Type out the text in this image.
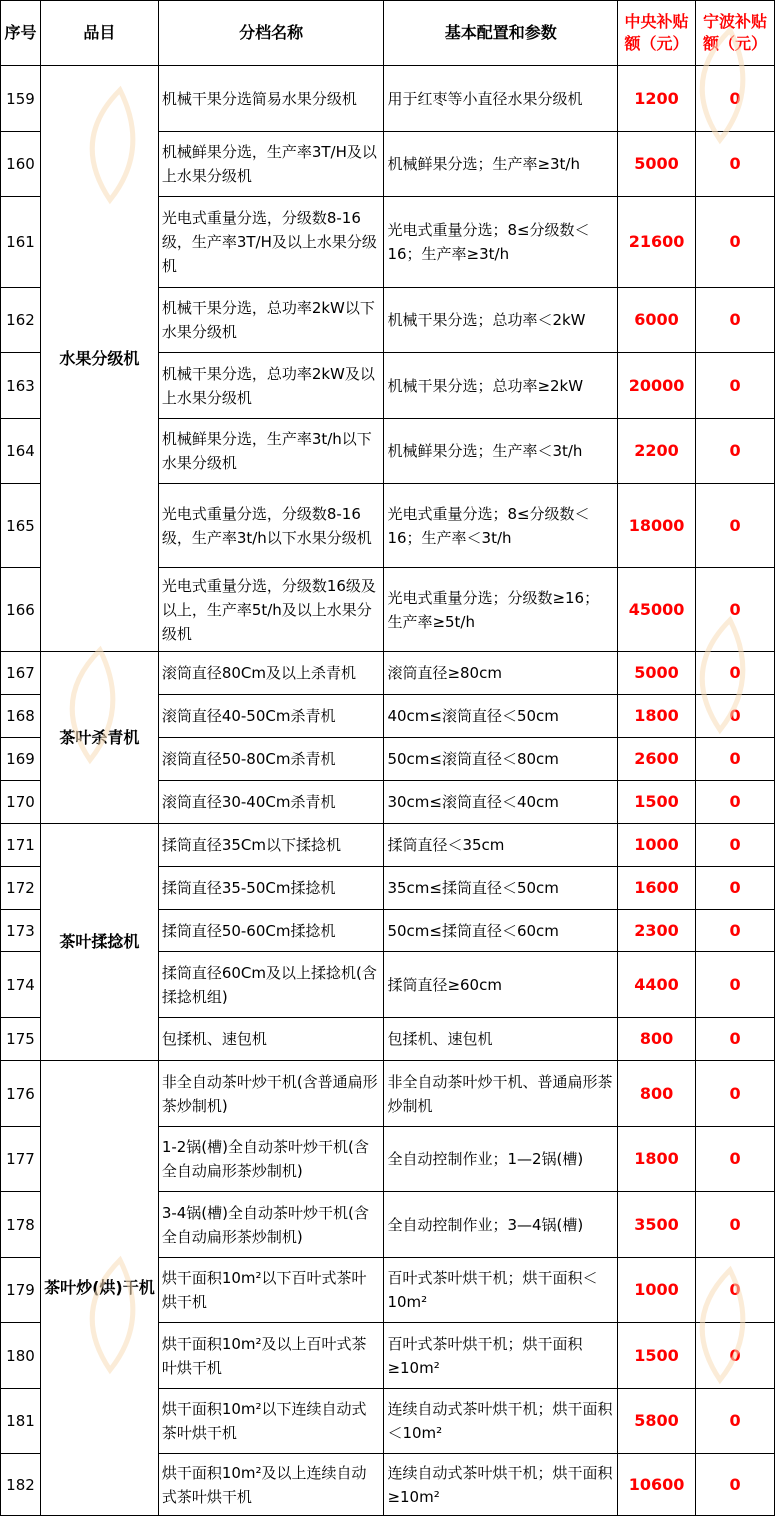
序号	品目	分档名称	基本配置和参数	中央补贴额（元）	宁波补贴额（元）
159	水果分级机	机械干果分选简易水果分级机	用于红枣等小直径水果分级机	1200	0
160		机械鲜果分选，生产率3T/H及以上水果分级机	机械鲜果分选；生产率≥3t/h	5000	0
161		光电式重量分选，分级数8-16级，生产率3T/H及以上水果分级机	光电式重量分选；8≤分级数＜16；生产率≥3t/h	21600	0
162		机械干果分选，总功率2kW以下水果分级机	机械干果分选；总功率＜2kW	6000	0
163		机械干果分选，总功率2kW及以上水果分级机	机械干果分选；总功率≥2kW	20000	0
164		机械鲜果分选，生产率3t/h以下水果分级机	机械鲜果分选；生产率＜3t/h	2200	0
165		光电式重量分选，分级数8-16级，生产率3t/h以下水果分级机	光电式重量分选；8≤分级数＜16；生产率＜3t/h	18000	0
166		光电式重量分选，分级数16级及以上，生产率5t/h及以上水果分级机	光电式重量分选；分级数≥16；生产率≥5t/h	45000	0
167	茶叶杀青机	滚筒直径80Cm及以上杀青机	滚筒直径≥80cm	5000	0
168		滚筒直径40-50Cm杀青机	40cm≤滚筒直径＜50cm	1800	0
169		滚筒直径50-80Cm杀青机	50cm≤滚筒直径＜80cm	2600	0
170		滚筒直径30-40Cm杀青机	30cm≤滚筒直径＜40cm	1500	0
171	茶叶揉捻机	揉筒直径35Cm以下揉捻机	揉筒直径＜35cm	1000	0
172		揉筒直径35-50Cm揉捻机	35cm≤揉筒直径＜50cm	1600	0
173		揉筒直径50-60Cm揉捻机	50cm≤揉筒直径＜60cm	2300	0
174		揉筒直径60Cm及以上揉捻机(含揉捻机组)	揉筒直径≥60cm	4400	0
175		包揉机、速包机	包揉机、速包机	800	0
176	茶叶炒(烘)干机	非全自动茶叶炒干机(含普通扁形茶炒制机)	非全自动茶叶炒干机、普通扁形茶炒制机	800	0
177		1-2锅(槽)全自动茶叶炒干机(含全自动扁形茶炒制机)	全自动控制作业；1—2锅(槽)	1800	0
178		3-4锅(槽)全自动茶叶炒干机(含全自动扁形茶炒制机)	全自动控制作业；3—4锅(槽)	3500	0
179		烘干面积10m²以下百叶式茶叶烘干机	百叶式茶叶烘干机；烘干面积＜10m²	1000	0
180		烘干面积10m²及以上百叶式茶叶烘干机	百叶式茶叶烘干机；烘干面积≥10m²	1500	0
181		烘干面积10m²以下连续自动式茶叶烘干机	连续自动式茶叶烘干机；烘干面积＜10m²	5800	0
182		烘干面积10m²及以上连续自动式茶叶烘干机	连续自动式茶叶烘干机；烘干面积≥10m²	10600	0
